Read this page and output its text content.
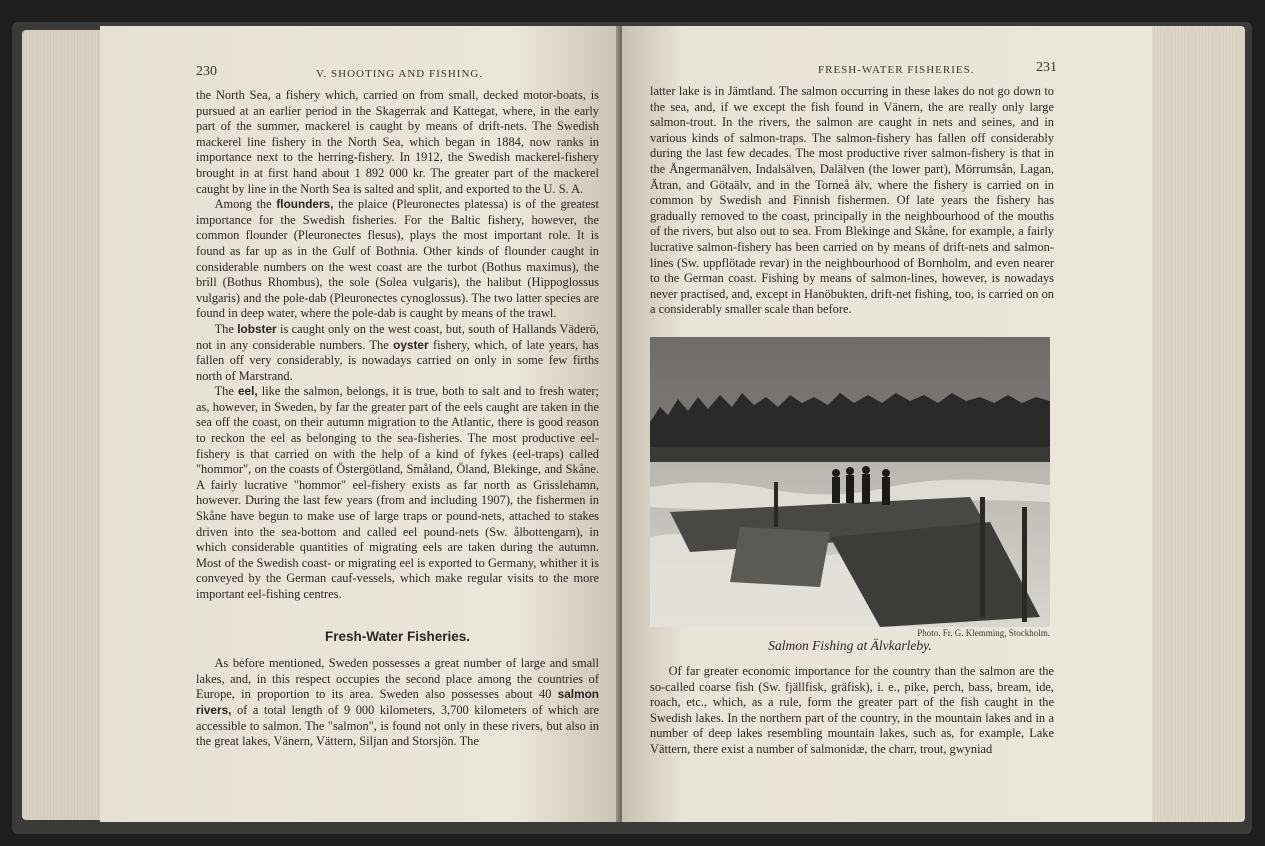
230	V. SHOOTING AND FISHING.

the North Sea, a fishery which, carried on from small, decked motor-boats, is pursued at an earlier period in the Skagerrak and Kattegat, where, in the early part of the summer, mackerel is caught by means of drift-nets. The Swedish mackerel line fishery in the North Sea, which began in 1884, now ranks in importance next to the herring-fishery. In 1912, the Swedish mackerel-fishery brought in at first hand about 1 892 000 kr. The greater part of the mackerel caught by line in the North Sea is salted and split, and exported to the U. S. A.

Among the flounders, the plaice (Pleuronectes platessa) is of the greatest importance for the Swedish fisheries. For the Baltic fishery, however, the common flounder (Pleuronectes flesus), plays the most important role. It is found as far up as in the Gulf of Bothnia. Other kinds of flounder caught in considerable numbers on the west coast are the turbot (Bothus maximus), the brill (Bothus Rhombus), the sole (Solea vulgaris), the halibut (Hippoglossus vulgaris) and the pole-dab (Pleuronectes cynoglossus). The two latter species are found in deep water, where the pole-dab is caught by means of the trawl.

The lobster is caught only on the west coast, but, south of Hallands Väderö, not in any considerable numbers. The oyster fishery, which, of late years, has fallen off very considerably, is nowadays carried on only in some few firths north of Marstrand.

The eel, like the salmon, belongs, it is true, both to salt and to fresh water; as, however, in Sweden, by far the greater part of the eels caught are taken in the sea off the coast, on their autumn migration to the Atlantic, there is good reason to reckon the eel as belonging to the sea-fisheries. The most productive eel-fishery is that carried on with the help of a kind of fykes (eel-traps) called "hommor", on the coasts of Östergötland, Småland, Öland, Blekinge, and Skåne. A fairly lucrative "hommor" eel-fishery exists as far north as Grisslehamn, however. During the last few years (from and including 1907), the fishermen in Skåne have begun to make use of large traps or pound-nets, attached to stakes driven into the sea-bottom and called eel pound-nets (Sw. ålbottengarn), in which considerable quantities of migrating eels are taken during the autumn. Most of the Swedish coast- or migrating eel is exported to Germany, whither it is conveyed by the German cauf-vessels, which make regular visits to the more important eel-fishing centres.

Fresh-Water Fisheries.

As before mentioned, Sweden possesses a great number of large and small lakes, and, in this respect occupies the second place among the countries of Europe, in proportion to its area. Sweden also possesses about 40 salmon rivers, of a total length of 9 000 kilometers, 3,700 kilometers of which are accessible to salmon. The "salmon", is found not only in these rivers, but also in the great lakes, Vänern, Vättern, Siljan and Storsjön. The

FRESH-WATER FISHERIES.	231

latter lake is in Jämtland. The salmon occurring in these lakes do not go down to the sea, and, if we except the fish found in Vänern, the are really only large salmon-trout. In the rivers, the salmon are caught in nets and seines, and in various kinds of salmon-traps. The salmon-fishery has fallen off considerably during the last few decades. The most productive river salmon-fishery is that in the Ångermanälven, Indalsälven, Dalälven (the lower part), Mörrumsån, Lagan, Ätran, and Götaälv, and in the Torneå älv, where the fishery is carried on in common by Swedish and Finnish fishermen. Of late years the fishery has gradually removed to the coast, principally in the neighbourhood of the mouths of the rivers, but also out to sea. From Blekinge and Skåne, for example, a fairly lucrative salmon-fishery has been carried on by means of drift-nets and salmon-lines (Sw. uppflötade revar) in the neighbourhood of Bornholm, and even nearer to the German coast. Fishing by means of salmon-lines, however, is nowadays never practised, and, except in Hanöbukten, drift-net fishing, too, is carried on on a considerably smaller scale than before.

Photo. Fr. G. Klemming, Stockholm.
Salmon Fishing at Älvkarleby.

Of far greater economic importance for the country than the salmon are the so-called coarse fish (Sw. fjällfisk, gräfisk), i. e., pike, perch, bass, bream, ide, roach, etc., which, as a rule, form the greater part of the fish caught in the Swedish lakes. In the northern part of the country, in the mountain lakes and in a number of deep lakes resembling mountain lakes, such as, for example, Lake Vättern, there exist a number of salmonidæ, the charr, trout, gwyniad
